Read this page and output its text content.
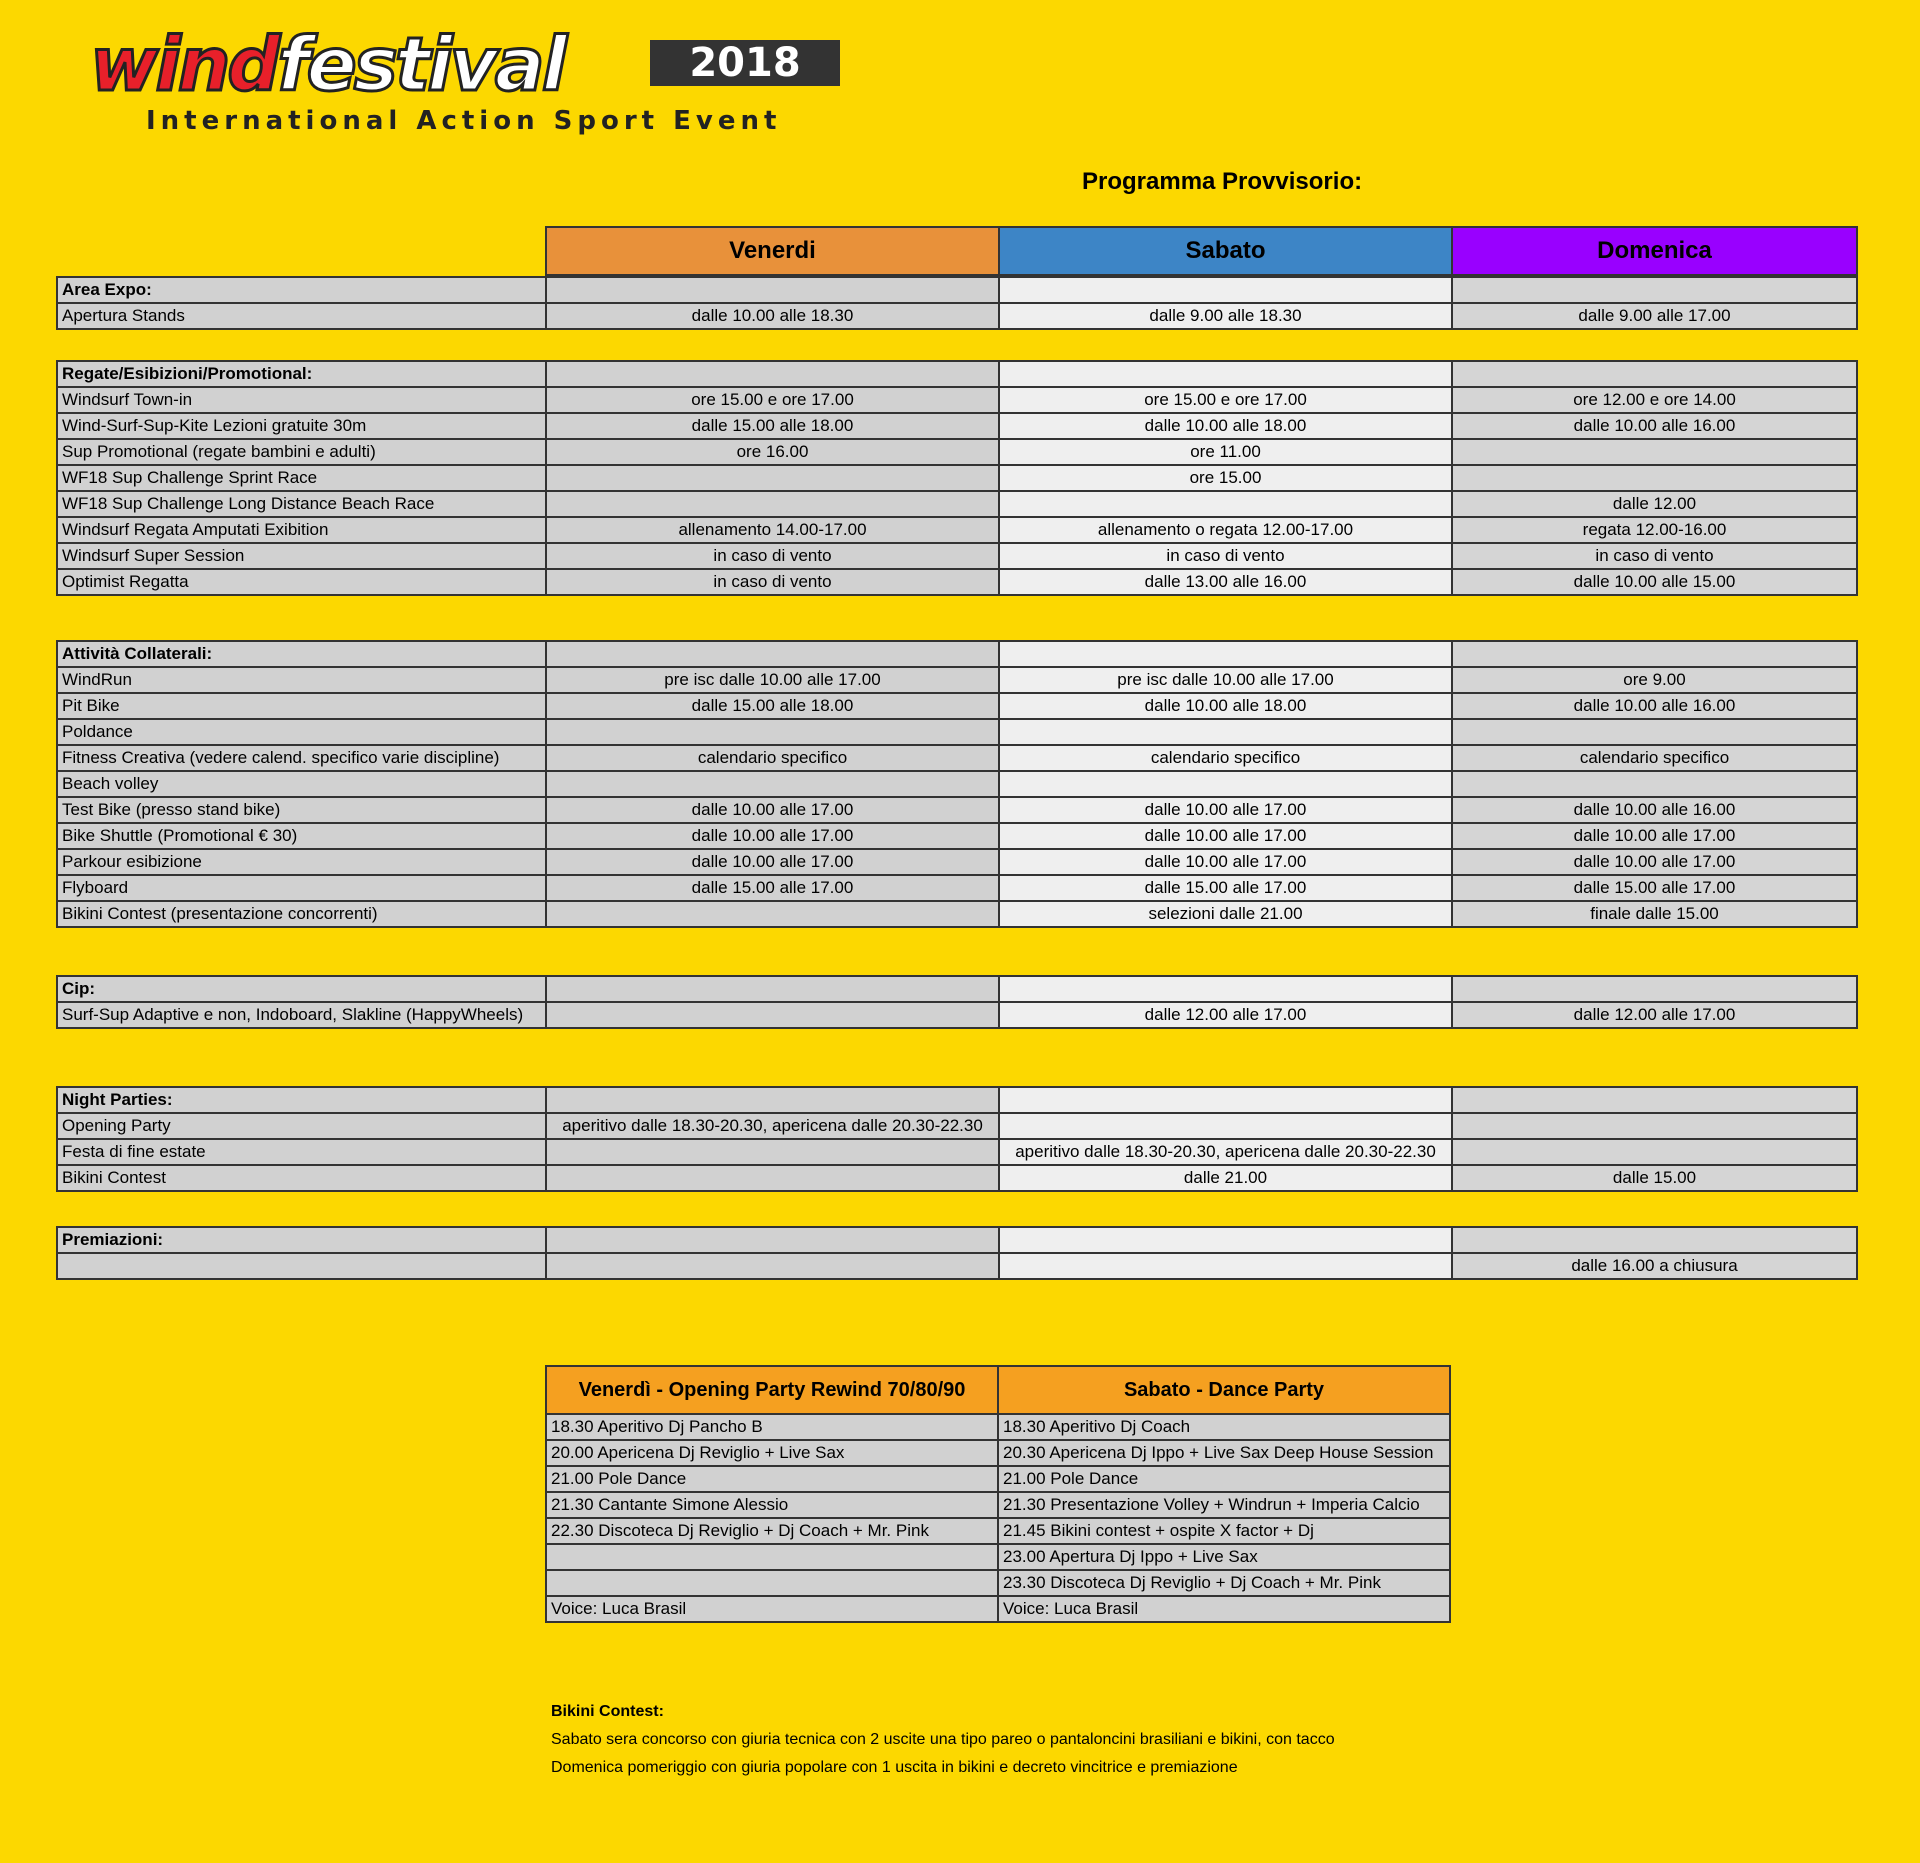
windfestival	2018
International Action Sport Event
Programma Provvisorio:
Venerdi	Sabato	Domenica
Area Expo:			
Apertura Stands	dalle 10.00 alle 18.30	dalle 9.00 alle 18.30	dalle 9.00 alle 17.00
Regate/Esibizioni/Promotional:			
Windsurf Town-in	ore 15.00 e ore 17.00	ore 15.00 e ore 17.00	ore 12.00 e ore 14.00
Wind-Surf-Sup-Kite Lezioni gratuite 30m	dalle 15.00 alle 18.00	dalle 10.00 alle 18.00	dalle 10.00 alle 16.00
Sup Promotional (regate bambini e adulti)	ore 16.00	ore 11.00	
WF18 Sup Challenge Sprint Race		ore 15.00	
WF18 Sup Challenge Long Distance Beach Race			dalle 12.00
Windsurf Regata Amputati Exibition	allenamento 14.00-17.00	allenamento o regata 12.00-17.00	regata 12.00-16.00
Windsurf Super Session	in caso di vento	in caso di vento	in caso di vento
Optimist Regatta	in caso di vento	dalle 13.00 alle 16.00	dalle 10.00 alle 15.00
Attività Collaterali:			
WindRun	pre isc dalle 10.00 alle 17.00	pre isc dalle 10.00 alle 17.00	ore 9.00
Pit Bike	dalle 15.00 alle 18.00	dalle 10.00 alle 18.00	dalle 10.00 alle 16.00
Poldance			
Fitness Creativa (vedere calend. specifico varie discipline)	calendario specifico	calendario specifico	calendario specifico
Beach volley			
Test Bike (presso stand bike)	dalle 10.00 alle 17.00	dalle 10.00 alle 17.00	dalle 10.00 alle 16.00
Bike Shuttle (Promotional € 30)	dalle 10.00 alle 17.00	dalle 10.00 alle 17.00	dalle 10.00 alle 17.00
Parkour esibizione	dalle 10.00 alle 17.00	dalle 10.00 alle 17.00	dalle 10.00 alle 17.00
Flyboard	dalle 15.00 alle 17.00	dalle 15.00 alle 17.00	dalle 15.00 alle 17.00
Bikini Contest (presentazione concorrenti)		selezioni dalle 21.00	finale dalle 15.00
Cip:			
Surf-Sup Adaptive e non, Indoboard, Slakline (HappyWheels)		dalle 12.00 alle 17.00	dalle 12.00 alle 17.00
Night Parties:			
Opening Party	aperitivo dalle 18.30-20.30, apericena dalle 20.30-22.30		
Festa di fine estate		aperitivo dalle 18.30-20.30, apericena dalle 20.30-22.30	
Bikini Contest		dalle 21.00	dalle 15.00
Premiazioni:			
			dalle 16.00 a chiusura
Venerdì - Opening Party Rewind 70/80/90	Sabato - Dance Party
18.30 Aperitivo Dj Pancho B	18.30 Aperitivo Dj Coach
20.00 Apericena Dj Reviglio + Live Sax	20.30 Apericena Dj Ippo + Live Sax Deep House Session
21.00 Pole Dance	21.00 Pole Dance
21.30 Cantante Simone Alessio	21.30 Presentazione Volley + Windrun + Imperia Calcio
22.30 Discoteca Dj Reviglio + Dj Coach + Mr. Pink	21.45 Bikini contest + ospite X factor + Dj
	23.00 Apertura Dj Ippo + Live Sax
	23.30 Discoteca Dj Reviglio + Dj Coach + Mr. Pink
Voice: Luca Brasil	Voice: Luca Brasil
Bikini Contest:
Sabato sera concorso con giuria tecnica con 2 uscite una tipo pareo o pantaloncini brasiliani e bikini, con tacco
Domenica pomeriggio con giuria popolare con 1 uscita in bikini e decreto vincitrice e premiazione
